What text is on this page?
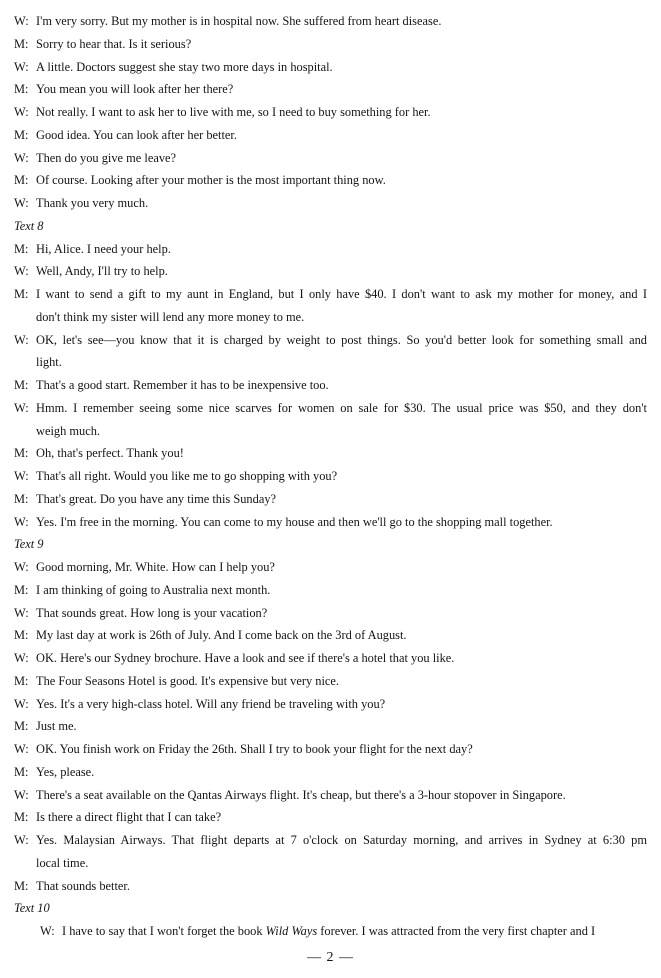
W: I'm very sorry. But my mother is in hospital now. She suffered from heart disease.
M: Sorry to hear that. Is it serious?
W: A little. Doctors suggest she stay two more days in hospital.
M: You mean you will look after her there?
W: Not really. I want to ask her to live with me, so I need to buy something for her.
M: Good idea. You can look after her better.
W: Then do you give me leave?
M: Of course. Looking after your mother is the most important thing now.
W: Thank you very much.
Text 8
M: Hi, Alice. I need your help.
W: Well, Andy, I'll try to help.
M: I want to send a gift to my aunt in England, but I only have $40. I don't want to ask my mother for money, and I
don't think my sister will lend any more money to me.
W: OK, let's see—you know that it is charged by weight to post things. So you'd better look for something small and
light.
M: That's a good start. Remember it has to be inexpensive too.
W: Hmm. I remember seeing some nice scarves for women on sale for $30. The usual price was $50, and they don't
weigh much.
M: Oh, that's perfect. Thank you!
W: That's all right. Would you like me to go shopping with you?
M: That's great. Do you have any time this Sunday?
W: Yes. I'm free in the morning. You can come to my house and then we'll go to the shopping mall together.
Text 9
W: Good morning, Mr. White. How can I help you?
M: I am thinking of going to Australia next month.
W: That sounds great. How long is your vacation?
M: My last day at work is 26th of July. And I come back on the 3rd of August.
W: OK. Here's our Sydney brochure. Have a look and see if there's a hotel that you like.
M: The Four Seasons Hotel is good. It's expensive but very nice.
W: Yes. It's a very high-class hotel. Will any friend be traveling with you?
M: Just me.
W: OK. You finish work on Friday the 26th. Shall I try to book your flight for the next day?
M: Yes, please.
W: There's a seat available on the Qantas Airways flight. It's cheap, but there's a 3-hour stopover in Singapore.
M: Is there a direct flight that I can take?
W: Yes. Malaysian Airways. That flight departs at 7 o'clock on Saturday morning, and arrives in Sydney at 6:30 pm
local time.
M: That sounds better.
Text 10
W: I have to say that I won't forget the book Wild Ways forever. I was attracted from the very first chapter and I
— 2 —
